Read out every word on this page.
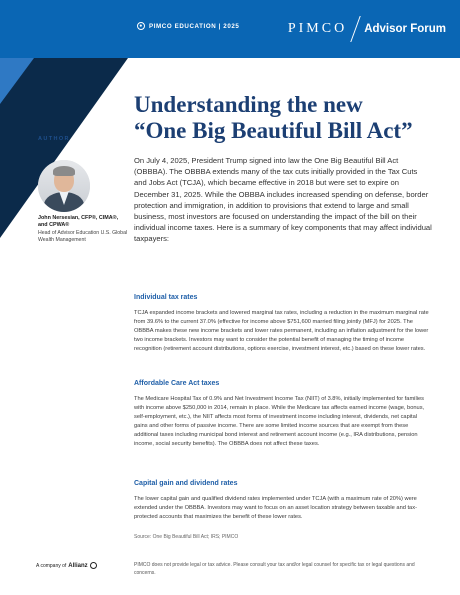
● PIMCO EDUCATION | 2025	PIMCO Advisor Forum
AUTHOR
John Nersesian, CFP®, CIMA®, and CPWA®
Head of Advisor Education U.S. Global Wealth Management
Understanding the new
“One Big Beautiful Bill Act”

On July 4, 2025, President Trump signed into law the One Big Beautiful Bill Act (OBBBA). The OBBBA extends many of the tax cuts initially provided in the Tax Cuts and Jobs Act (TCJA), which became effective in 2018 but were set to expire on December 31, 2025. While the OBBBA includes increased spending on defense, border protection and immigration, in addition to provisions that extend to large and small business, most investors are focused on understanding the impact of the bill on their individual income taxes. Here is a summary of key components that may affect individual taxpayers:

Individual tax rates

TCJA expanded income brackets and lowered marginal tax rates, including a reduction in the maximum marginal rate from 39.6% to the current 37.0% (effective for income above $751,600 married filing jointly (MFJ) for 2025. The OBBBA makes these new income brackets and lower rates permanent, including an inflation adjustment for the lower two income brackets. Investors may want to consider the potential benefit of managing the timing of income recognition (retirement account distributions, options exercise, investment interest, etc.) based on these lower rates.

Affordable Care Act taxes

The Medicare Hospital Tax of 0.9% and Net Investment Income Tax (NIIT) of 3.8%, initially implemented for families with income above $250,000 in 2014, remain in place. While the Medicare tax affects earned income (wage, bonus, self-employment, etc.), the NIIT affects most forms of investment income including interest, dividends, net capital gains and other forms of passive income. There are some limited income sources that are exempt from these additional taxes including municipal bond interest and retirement account income (e.g., IRA distributions, pension income, social security benefits). The OBBBA does not affect these taxes.

Capital gain and dividend rates

The lower capital gain and qualified dividend rates implemented under TCJA (with a maximum rate of 20%) were extended under the OBBBA. Investors may want to focus on an asset location strategy between taxable and tax-protected accounts that maximizes the benefit of these lower rates.

Source: One Big Beautiful Bill Act; IRS; PIMCO
A company of Allianz	PIMCO does not provide legal or tax advice. Please consult your tax and/or legal counsel for specific tax or legal questions and concerns.
